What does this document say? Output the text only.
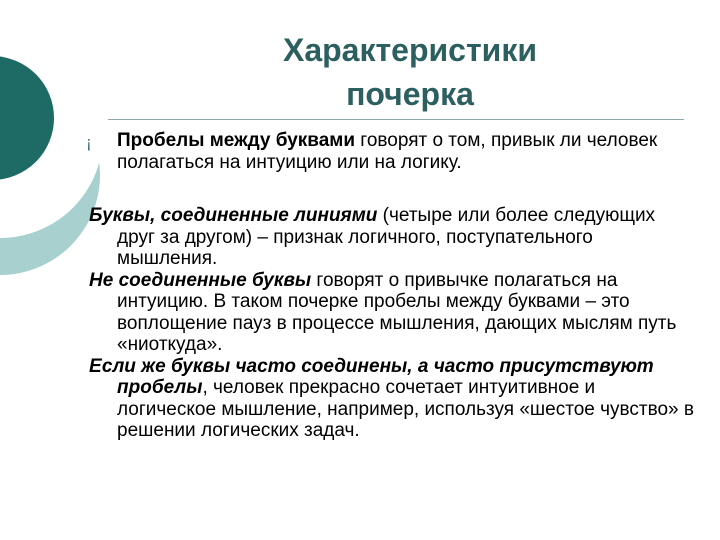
Характеристики
почерка
¡ Пробелы между буквами говорят о том, привык ли человек полагаться на интуицию или на логику.

Буквы, соединенные линиями (четыре или более следующих друг за другом) – признак логичного, поступательного мышления.

Не соединенные буквы говорят о привычке полагаться на интуицию. В таком почерке пробелы между буквами – это воплощение пауз в процессе мышления, дающих мыслям путь «ниоткуда».

Если же буквы часто соединены, а часто присутствуют пробелы, человек прекрасно сочетает интуитивное и логическое мышление, например, используя «шестое чувство» в решении логических задач.
